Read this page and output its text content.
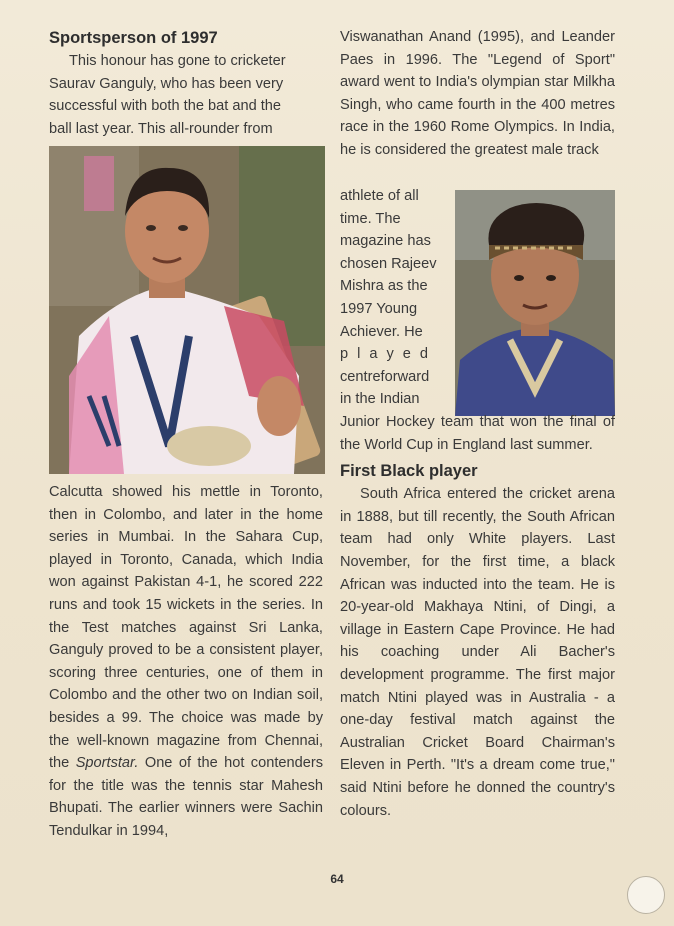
Sportsperson of 1997
This honour has gone to cricketer
Saurav Ganguly, who has been very
successful with both the bat and the
ball last year. This all-rounder from

Calcutta showed his mettle in Toronto, then in Colombo, and later in the home series in Mumbai. In the Sahara Cup, played in Toronto, Canada, which India won against Pakistan 4-1, he scored 222 runs and took 15 wickets in the series. In the Test matches against Sri Lanka, Ganguly proved to be a consistent player, scoring three centuries, one of them in Colombo and the other two on Indian soil, besides a 99. The choice was made by the well-known magazine from Chennai, the Sportstar. One of the hot contenders for the title was the tennis star Mahesh Bhupati. The earlier winners were Sachin Tendulkar in 1994,

Viswanathan Anand (1995), and Leander Paes in 1996. The "Legend of Sport" award went to India's olympian star Milkha Singh, who came fourth in the 400 metres race in the 1960 Rome Olympics. In India, he is considered the greatest male track

athlete of all
time. The
magazine has
chosen Rajeev
Mishra as the
1997 Young
Achiever. He
played
centreforward
in the Indian

Junior Hockey team that won the final of the World Cup in England last summer.

First Black player

South Africa entered the cricket arena in 1888, but till recently, the South African team had only White players. Last November, for the first time, a black African was inducted into the team. He is 20-year-old Makhaya Ntini, of Dingi, a village in Eastern Cape Province. He had his coaching under Ali Bacher's development programme. The first major match Ntini played was in Australia - a one-day festival match against the Australian Cricket Board Chairman's Eleven in Perth. "It's a dream come true," said Ntini before he donned the country's colours.

64
